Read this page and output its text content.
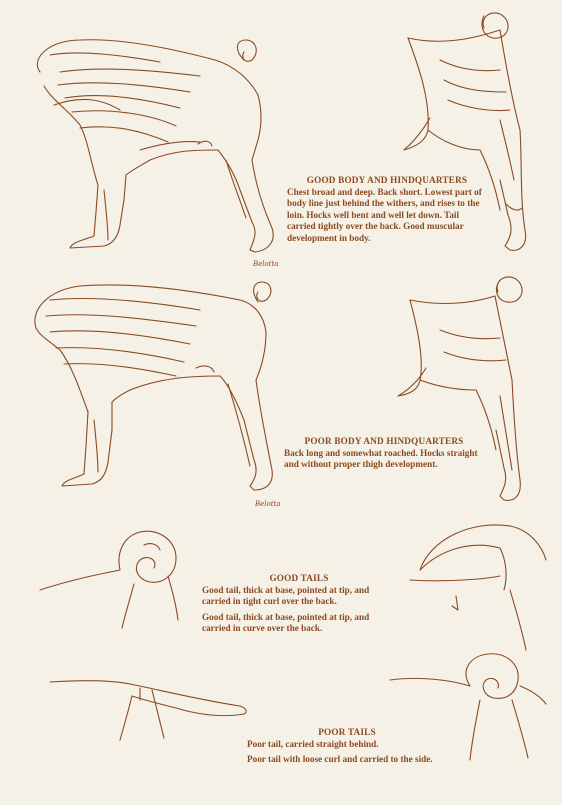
Belotta
Belotta
GOOD BODY AND HINDQUARTERS

Chest broad and deep. Back short. Lowest part of body line just behind the withers, and rises to the loin. Hocks well bent and well let down. Tail carried tightly over the back. Good muscular development in body.

POOR BODY AND HINDQUARTERS

Back long and somewhat roached. Hocks straight and without proper thigh development.

GOOD TAILS

Good tail, thick at base, pointed at tip, and carried in tight curl over the back.

Good tail, thick at base, pointed at tip, and carried in curve over the back.

POOR TAILS

Poor tail, carried straight behind.

Poor tail with loose curl and carried to the side.
